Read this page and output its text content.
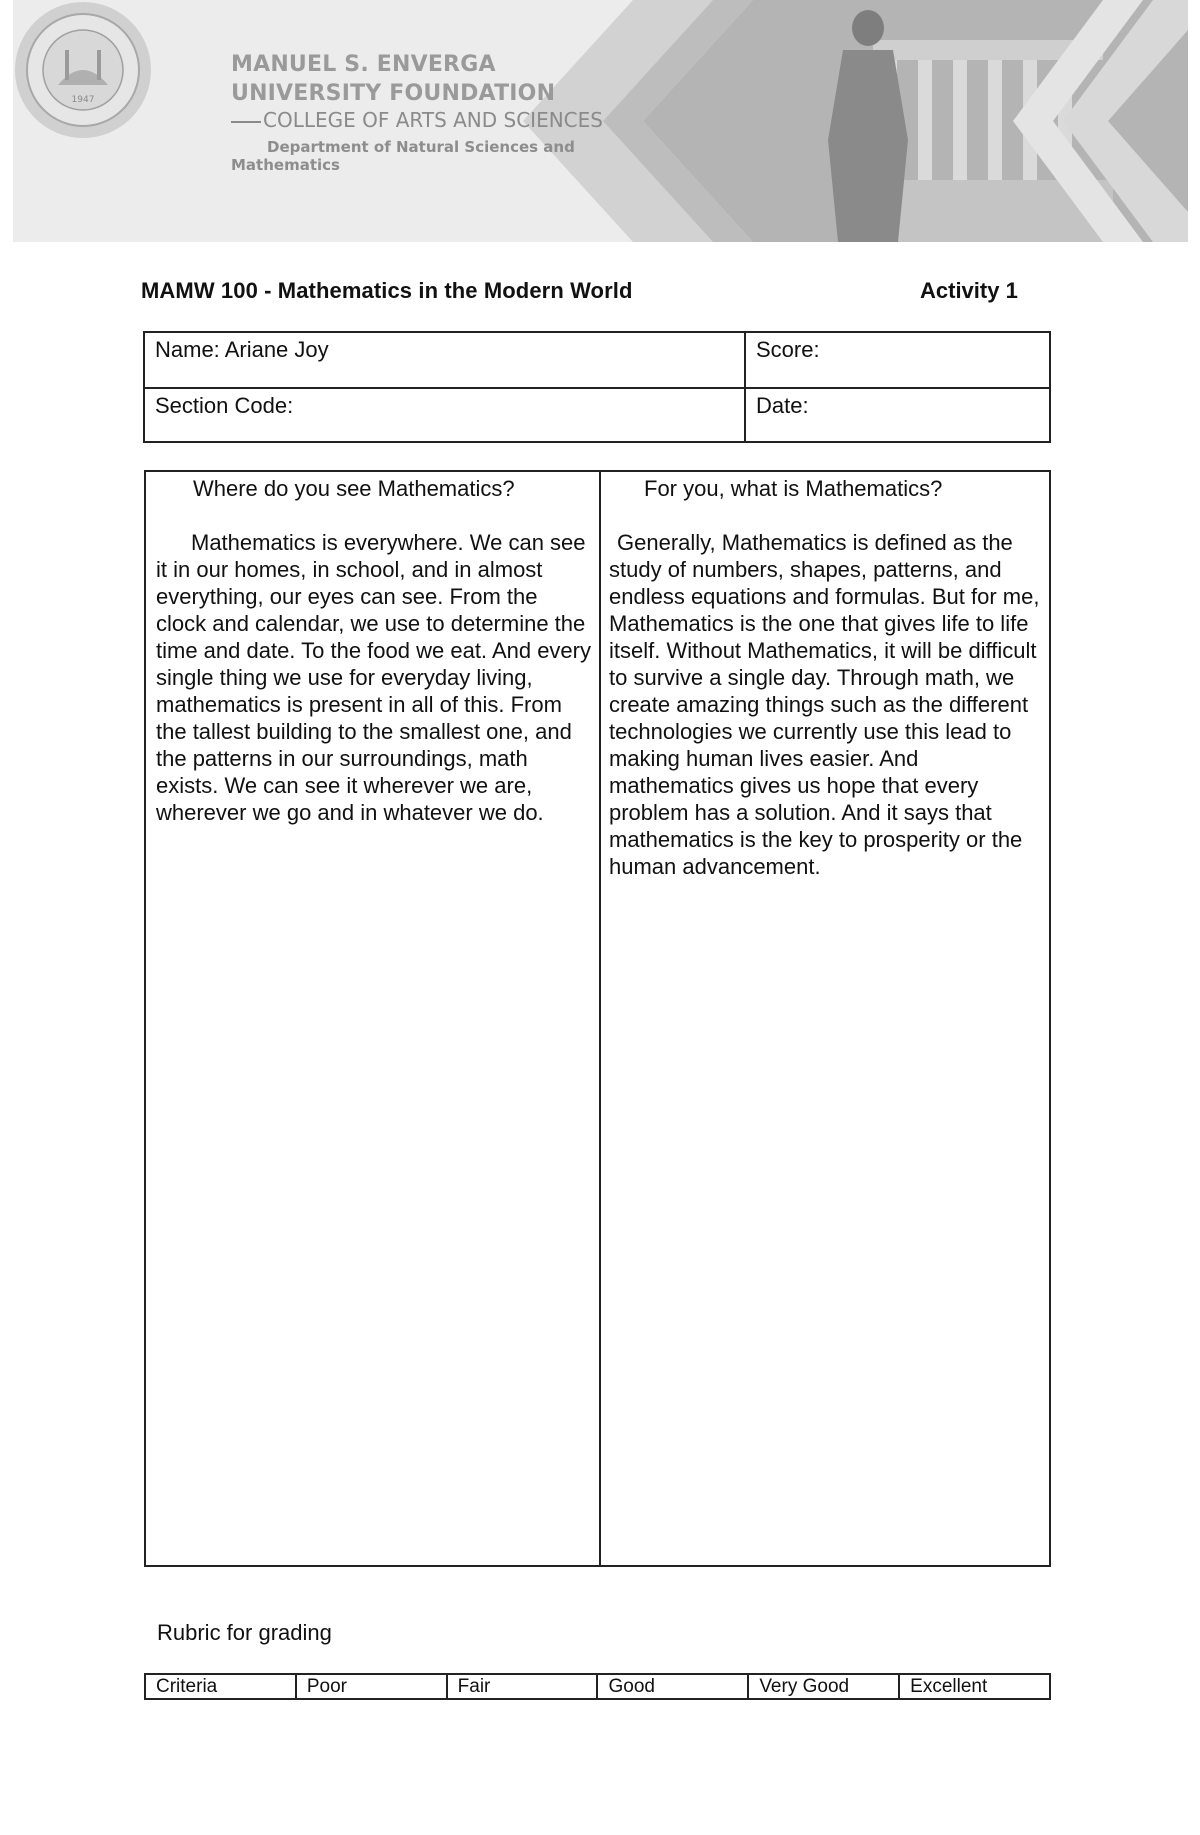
1947

MANUEL S. ENVERGA

UNIVERSITY FOUNDATION

COLLEGE OF ARTS AND SCIENCES

Department of Natural Sciences and Mathematics

MAMW 100 - Mathematics in the Modern World	Activity 1
Name: Ariane Joy	Score:
Section Code:	Date:

Where do you see Mathematics?

Mathematics is everywhere. We can see it in our homes, in school, and in almost everything, our eyes can see. From the clock and calendar, we use to determine the time and date. To the food we eat. And every single thing we use for everyday living, mathematics is present in all of this. From the tallest building to the smallest one, and the patterns in our surroundings, math exists. We can see it wherever we are, wherever we go and in whatever we do.

For you, what is Mathematics?

Generally, Mathematics is defined as the study of numbers, shapes, patterns, and endless equations and formulas. But for me, Mathematics is the one that gives life to life itself. Without Mathematics, it will be difficult to survive a single day. Through math, we create amazing things such as the different technologies we currently use this lead to making human lives easier. And mathematics gives us hope that every problem has a solution. And it says that mathematics is the key to prosperity or the human advancement.

Rubric for grading
Criteria	Poor	Fair	Good	Very Good	Excellent
